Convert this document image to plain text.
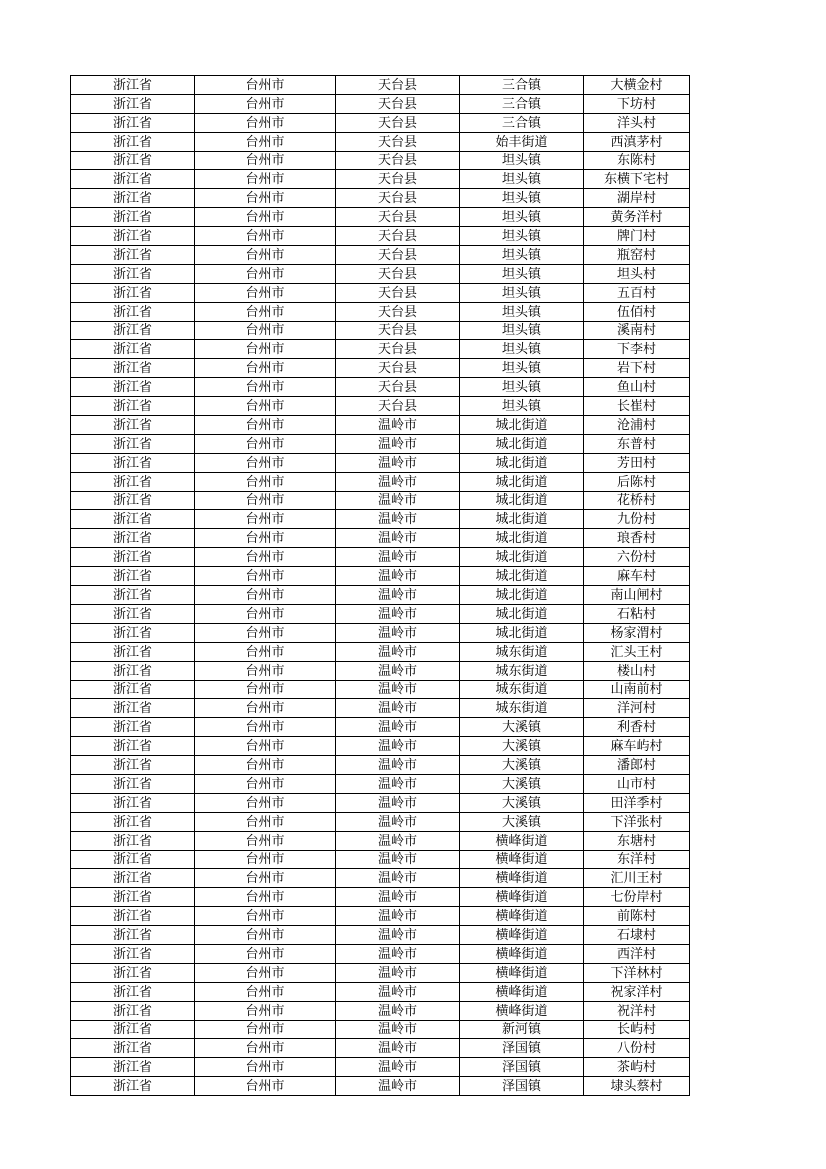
浙江省	台州市	天台县	三合镇	大横金村
浙江省	台州市	天台县	三合镇	下坊村
浙江省	台州市	天台县	三合镇	洋头村
浙江省	台州市	天台县	始丰街道	西滇茅村
浙江省	台州市	天台县	坦头镇	东陈村
浙江省	台州市	天台县	坦头镇	东横下宅村
浙江省	台州市	天台县	坦头镇	湖岸村
浙江省	台州市	天台县	坦头镇	黄务洋村
浙江省	台州市	天台县	坦头镇	牌门村
浙江省	台州市	天台县	坦头镇	瓶窑村
浙江省	台州市	天台县	坦头镇	坦头村
浙江省	台州市	天台县	坦头镇	五百村
浙江省	台州市	天台县	坦头镇	伍佰村
浙江省	台州市	天台县	坦头镇	溪南村
浙江省	台州市	天台县	坦头镇	下李村
浙江省	台州市	天台县	坦头镇	岩下村
浙江省	台州市	天台县	坦头镇	鱼山村
浙江省	台州市	天台县	坦头镇	长崔村
浙江省	台州市	温岭市	城北街道	沧浦村
浙江省	台州市	温岭市	城北街道	东普村
浙江省	台州市	温岭市	城北街道	芳田村
浙江省	台州市	温岭市	城北街道	后陈村
浙江省	台州市	温岭市	城北街道	花桥村
浙江省	台州市	温岭市	城北街道	九份村
浙江省	台州市	温岭市	城北街道	琅香村
浙江省	台州市	温岭市	城北街道	六份村
浙江省	台州市	温岭市	城北街道	麻车村
浙江省	台州市	温岭市	城北街道	南山闸村
浙江省	台州市	温岭市	城北街道	石粘村
浙江省	台州市	温岭市	城北街道	杨家渭村
浙江省	台州市	温岭市	城东街道	汇头王村
浙江省	台州市	温岭市	城东街道	楼山村
浙江省	台州市	温岭市	城东街道	山南前村
浙江省	台州市	温岭市	城东街道	洋河村
浙江省	台州市	温岭市	大溪镇	利香村
浙江省	台州市	温岭市	大溪镇	麻车屿村
浙江省	台州市	温岭市	大溪镇	潘郎村
浙江省	台州市	温岭市	大溪镇	山市村
浙江省	台州市	温岭市	大溪镇	田洋季村
浙江省	台州市	温岭市	大溪镇	下洋张村
浙江省	台州市	温岭市	横峰街道	东塘村
浙江省	台州市	温岭市	横峰街道	东洋村
浙江省	台州市	温岭市	横峰街道	汇川王村
浙江省	台州市	温岭市	横峰街道	七份岸村
浙江省	台州市	温岭市	横峰街道	前陈村
浙江省	台州市	温岭市	横峰街道	石埭村
浙江省	台州市	温岭市	横峰街道	西洋村
浙江省	台州市	温岭市	横峰街道	下洋林村
浙江省	台州市	温岭市	横峰街道	祝家洋村
浙江省	台州市	温岭市	横峰街道	祝洋村
浙江省	台州市	温岭市	新河镇	长屿村
浙江省	台州市	温岭市	泽国镇	八份村
浙江省	台州市	温岭市	泽国镇	茶屿村
浙江省	台州市	温岭市	泽国镇	埭头蔡村
